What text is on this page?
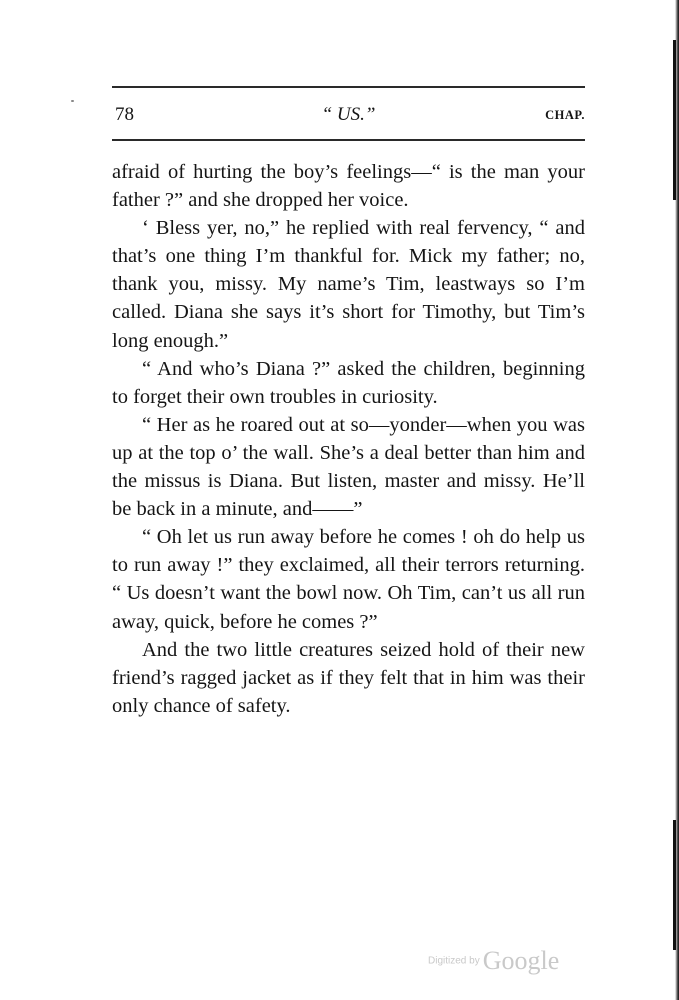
78	“ US.”	CHAP.

afraid of hurting the boy’s feelings—“ is the man your father ?” and she dropped her voice.

‘ Bless yer, no,” he replied with real fervency, “ and that’s one thing I’m thankful for. Mick my father; no, thank you, missy. My name’s Tim, leastways so I’m called. Diana she says it’s short for Timothy, but Tim’s long enough.”

“ And who’s Diana ?” asked the children, beginning to forget their own troubles in curiosity.

“ Her as he roared out at so—yonder—when you was up at the top o’ the wall. She’s a deal better than him and the missus is Diana. But listen, master and missy. He’ll be back in a minute, and——”

“ Oh let us run away before he comes ! oh do help us to run away !” they exclaimed, all their terrors returning. “ Us doesn’t want the bowl now. Oh Tim, can’t us all run away, quick, before he comes ?”

And the two little creatures seized hold of their new friend’s ragged jacket as if they felt that in him was their only chance of safety.

Digitized by Google
